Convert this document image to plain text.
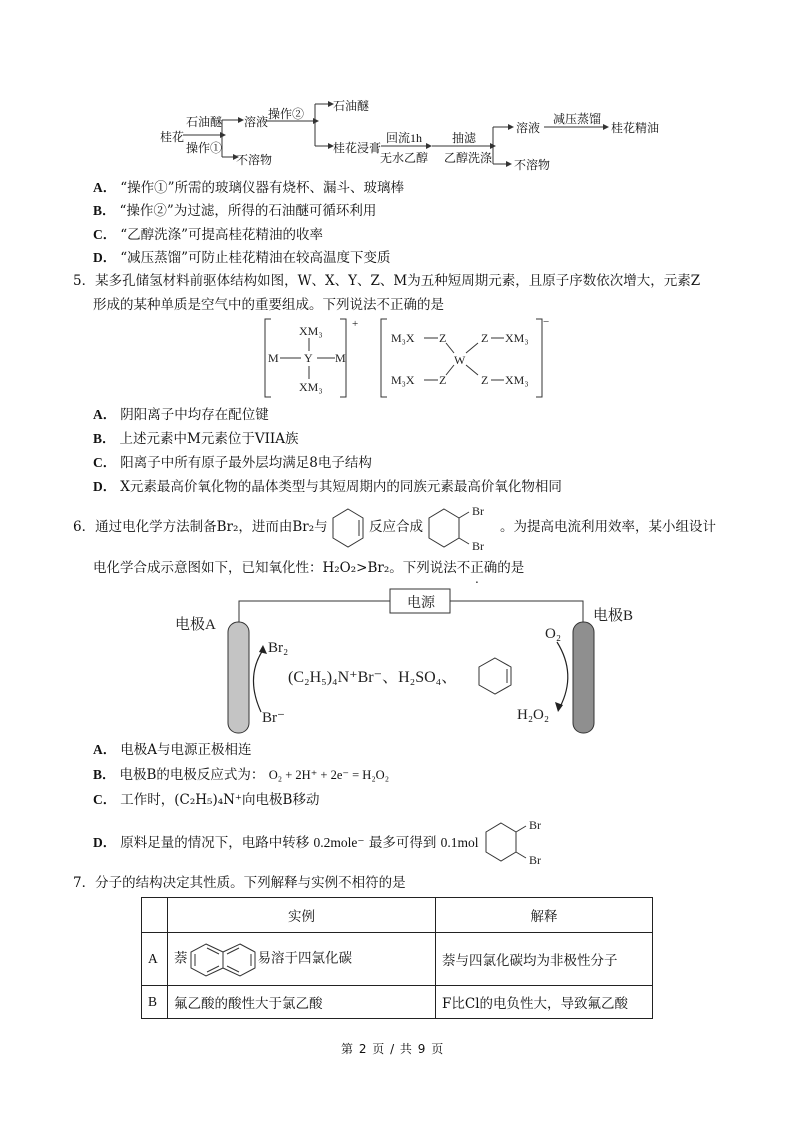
桂花
石油醚
操作①
溶液
不溶物
操作②
石油醚
桂花浸膏
回流1h
无水乙醇
抽滤
乙醇洗涤
溶液
不溶物
减压蒸馏
桂花精油
A． “操作①”所需的玻璃仪器有烧杯、漏斗、玻璃棒
B． “操作②”为过滤，所得的石油醚可循环利用
C． “乙醇洗涤”可提高桂花精油的收率
D． “减压蒸馏”可防止桂花精油在较高温度下变质
5．某多孔储氢材料前驱体结构如图，W、X、Y、Z、M为五种短周期元素，且原子序数依次增大，元素Z
形成的某种单质是空气中的重要组成。下列说法不正确的是
+	−
XM₃
XM₃
M Y M
M₃X
M₃X
Z
Z
W
Z
Z
XM₃
XM₃
A． 阴阳离子中均存在配位键
B． 上述元素中M元素位于VIIA族
C． 阳离子中所有原子最外层均满足8电子结构
D． X元素最高价氧化物的晶体类型与其短周期内的同族元素最高价氧化物相同
6．通过电化学方法制备Br₂，进而由Br₂与	反应合成
Br
Br
。为提高电流利用效率，某小组设计
电化学合成示意图如下，已知氧化性：H₂O₂>Br₂。下列说法不正确的是
电源
电极A
电极B
Br₂
Br⁻
O₂
H₂O₂
(C₂H₅)₄N⁺Br⁻、H₂SO₄、
A． 电极A与电源正极相连
B． 电极B的电极反应式为： O₂ + 2H⁺ + 2e⁻ = H₂O₂
C． 工作时，(C₂H₅)₄N⁺向电极B移动
D． 原料足量的情况下，电路中转移 0.2mole⁻ 最多可得到 0.1mol
Br
Br
7．分子的结构决定其性质。下列解释与实例不相符的是
	实例	解释
A	萘 易溶于四氯化碳	萘与四氯化碳均为非极性分子
B	氟乙酸的酸性大于氯乙酸	F比Cl的电负性大，导致氟乙酸
第 2 页 / 共 9 页
